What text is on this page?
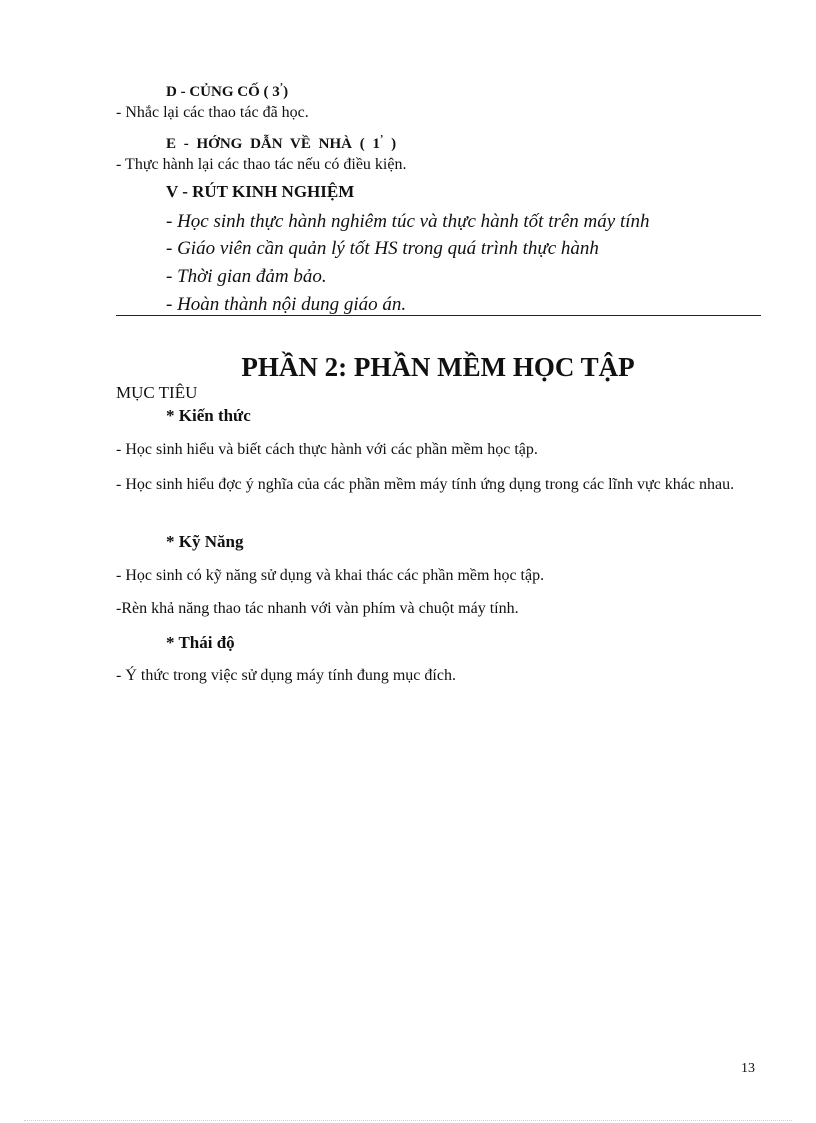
D - CỦNG CỐ ( 3’)
- Nhắc lại các thao tác đã học.
E - HỚNG DẪN VỀ NHÀ ( 1’ )
- Thực hành lại các thao tác nếu có điều kiện.
V - RÚT KINH NGHIỆM
- Học sinh thực hành nghiêm túc và thực hành tốt trên máy tính
- Giáo viên cần quản lý tốt HS trong quá trình thực hành
- Thời gian đảm bảo.
- Hoàn thành nội dung giáo án.
PHẦN 2: PHẦN MỀM HỌC TẬP
MỤC TIÊU
* Kiến thức
- Học sinh hiểu và biết cách thực hành với các phần mềm học tập.
- Học sinh hiểu đợc ý nghĩa của các phần mềm máy tính ứng dụng trong các lĩnh vực khác nhau.
* Kỹ Năng
- Học sinh có kỹ năng sử dụng và khai thác các phần mềm học tập.
-Rèn khả năng thao tác nhanh với vàn phím và chuột máy tính.
* Thái độ
- Ý thức trong việc sử dụng máy tính đung mục đích.
13
